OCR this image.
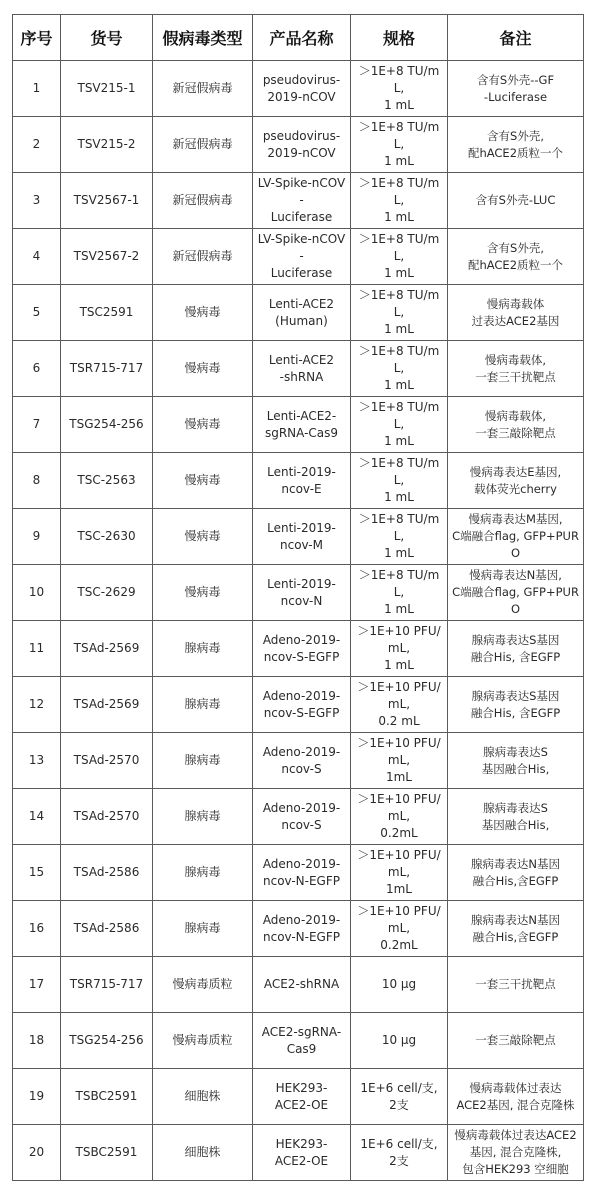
序号	货号	假病毒类型	产品名称	规格	备注
1	TSV215-1	新冠假病毒	pseudovirus-
2019-nCOV	＞1E+8 TU/mL,
1 mL	含有S外壳--GF
-Luciferase

2	TSV215-2	新冠假病毒	pseudovirus-
2019-nCOV	＞1E+8 TU/mL,
1 mL	含有S外壳,
配hACE2质粒一个

3	TSV2567-1	新冠假病毒	LV-Spike-nCOV-
Luciferase	＞1E+8 TU/mL,
1 mL	含有S外壳-LUC

4	TSV2567-2	新冠假病毒	LV-Spike-nCOV-
Luciferase	＞1E+8 TU/mL,
1 mL	含有S外壳,
配hACE2质粒一个

5	TSC2591	慢病毒	Lenti-ACE2
(Human)	＞1E+8 TU/mL,
1 mL	慢病毒载体
过表达ACE2基因

6	TSR715-717	慢病毒	Lenti-ACE2
-shRNA	＞1E+8 TU/mL,
1 mL	慢病毒载体,
一套三干扰靶点

7	TSG254-256	慢病毒	Lenti-ACE2-
sgRNA-Cas9	＞1E+8 TU/mL,
1 mL	慢病毒载体,
一套三敲除靶点

8	TSC-2563	慢病毒	Lenti-2019-
ncov-E	＞1E+8 TU/mL,
1 mL	慢病毒表达E基因,
载体荧光cherry

9	TSC-2630	慢病毒	Lenti-2019-
ncov-M	＞1E+8 TU/mL,
1 mL	慢病毒表达M基因,
C端融合flag, GFP+PURO

10	TSC-2629	慢病毒	Lenti-2019-
ncov-N	＞1E+8 TU/mL,
1 mL	慢病毒表达N基因,
C端融合flag, GFP+PURO

11	TSAd-2569	腺病毒	Adeno-2019-
ncov-S-EGFP	＞1E+10 PFU/mL,
1 mL	腺病毒表达S基因
融合His, 含EGFP

12	TSAd-2569	腺病毒	Adeno-2019-
ncov-S-EGFP	＞1E+10 PFU/mL,
0.2 mL	腺病毒表达S基因
融合His, 含EGFP

13	TSAd-2570	腺病毒	Adeno-2019-
ncov-S	＞1E+10 PFU/mL,
1mL	腺病毒表达S
基因融合His,

14	TSAd-2570	腺病毒	Adeno-2019-
ncov-S	＞1E+10 PFU/mL,
0.2mL	腺病毒表达S
基因融合His,

15	TSAd-2586	腺病毒	Adeno-2019-
ncov-N-EGFP	＞1E+10 PFU/mL,
1mL	腺病毒表达N基因
融合His,含EGFP

16	TSAd-2586	腺病毒	Adeno-2019-
ncov-N-EGFP	＞1E+10 PFU/mL,
0.2mL	腺病毒表达N基因
融合His,含EGFP

17	TSR715-717	慢病毒质粒	ACE2-shRNA	10 μg	一套三干扰靶点

18	TSG254-256	慢病毒质粒	ACE2-sgRNA-
Cas9	10 μg	一套三敲除靶点

19	TSBC2591	细胞株	HEK293-
ACE2-OE	1E+6 cell/支,
2支	慢病毒载体过表达
ACE2基因, 混合克隆株

20	TSBC2591	细胞株	HEK293-
ACE2-OE	1E+6 cell/支,
2支	慢病毒载体过表达ACE2
基因, 混合克隆株,
包含HEK293 空细胞
